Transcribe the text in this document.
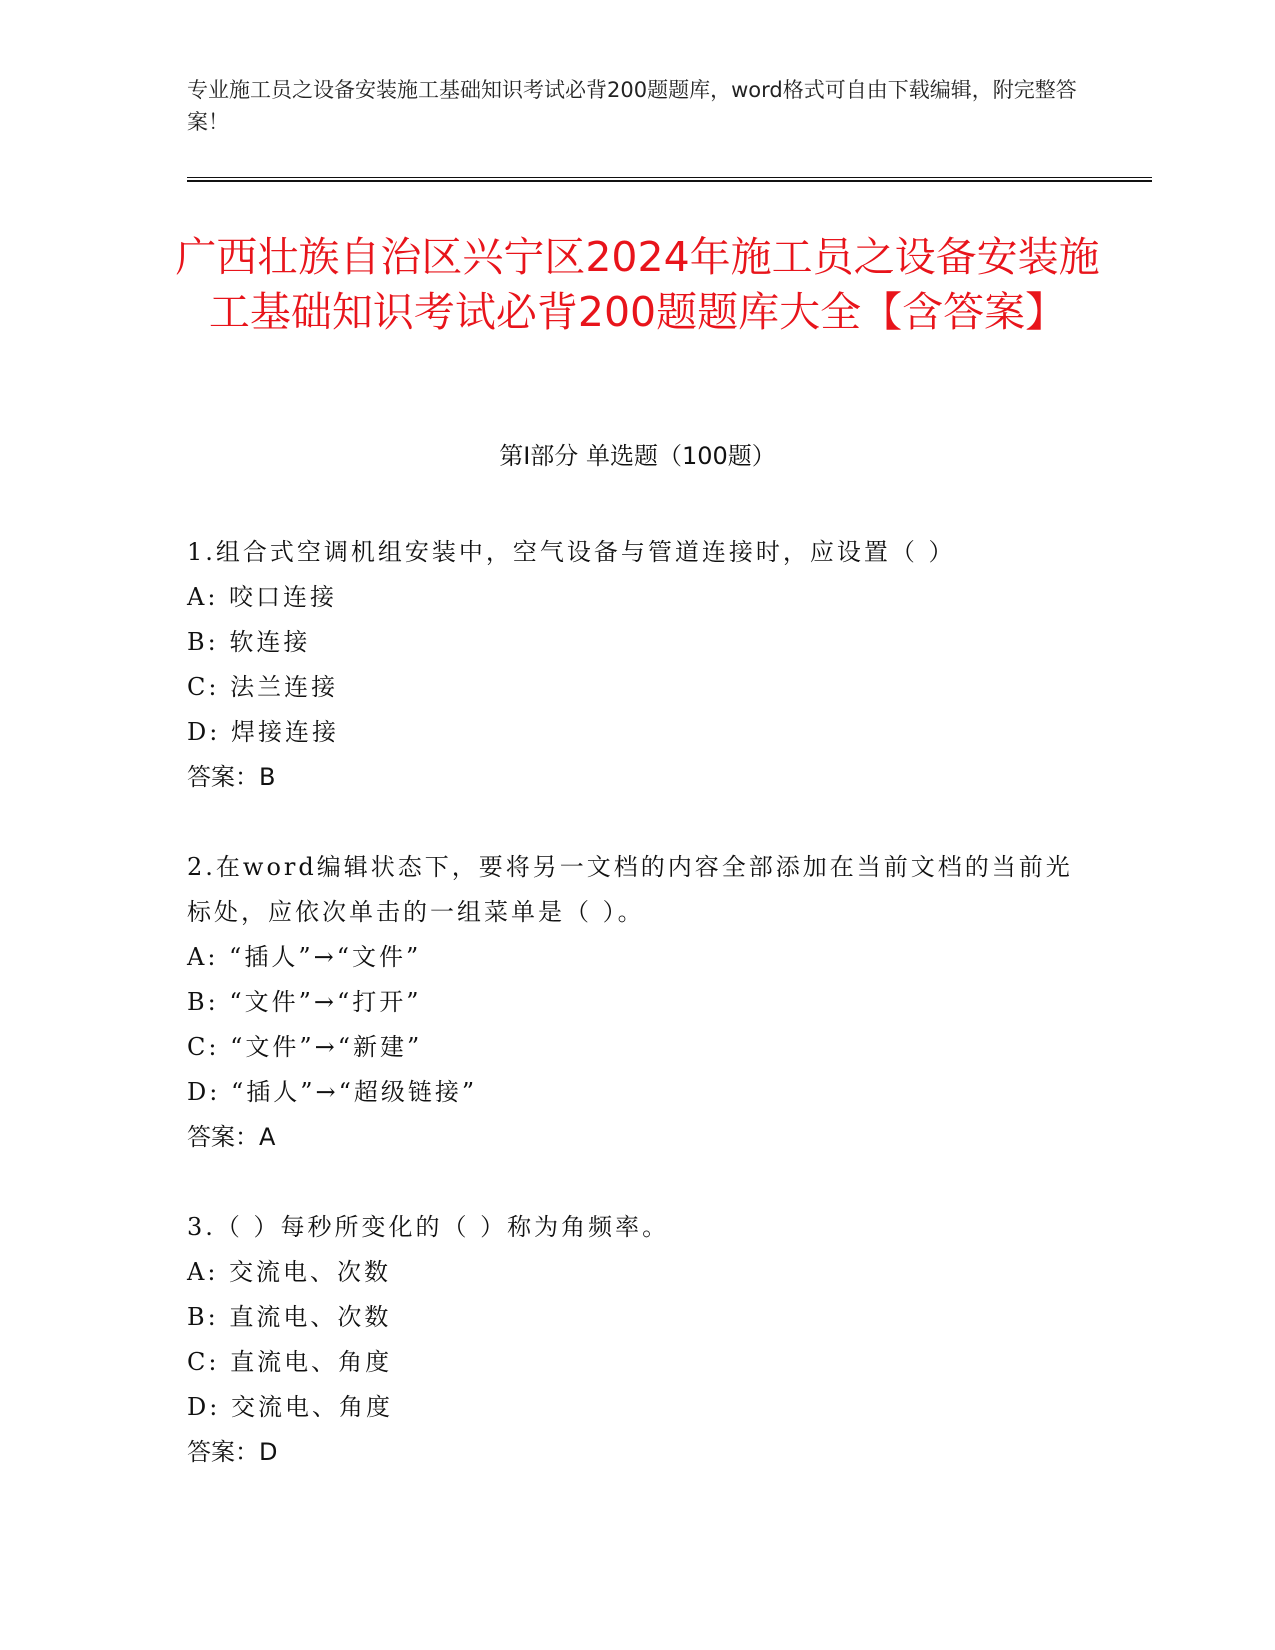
专业施工员之设备安装施工基础知识考试必背200题题库，word格式可自由下载编辑，附完整答案！
广西壮族自治区兴宁区2024年施工员之设备安装施工基础知识考试必背200题题库大全【含答案】
第I部分 单选题（100题）
1.组合式空调机组安装中，空气设备与管道连接时，应设置（ ）
A: 咬口连接
B: 软连接
C: 法兰连接
D: 焊接连接
答案：B
2.在word编辑状态下，要将另一文档的内容全部添加在当前文档的当前光标处，应依次单击的一组菜单是（ ）。
A: “插人”→“文件”
B: “文件”→“打开”
C: “文件”→“新建”
D: “插人”→“超级链接”
答案：A
3.（ ）每秒所变化的（ ）称为角频率。
A: 交流电、次数
B: 直流电、次数
C: 直流电、角度
D: 交流电、角度
答案：D
